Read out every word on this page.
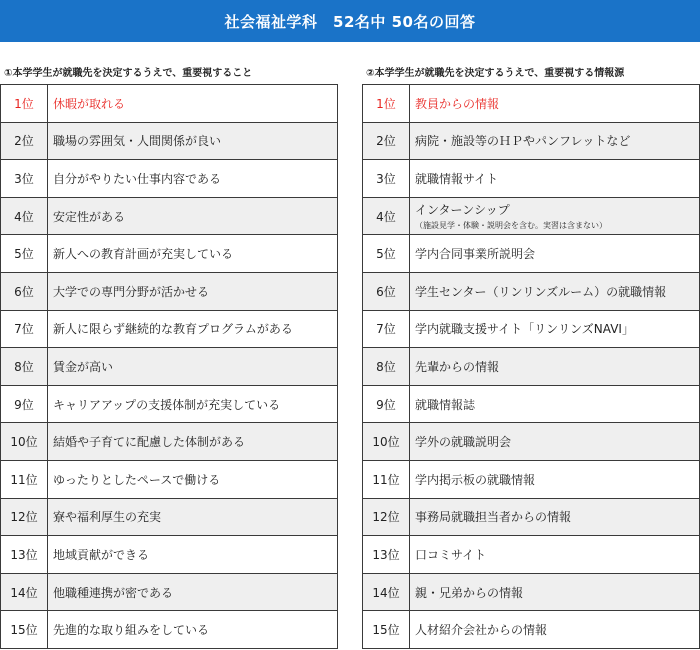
社会福祉学科　52名中 50名の回答
①本学学生が就職先を決定するうえで、重要視すること
1位	休暇が取れる
2位	職場の雰囲気・人間関係が良い
3位	自分がやりたい仕事内容である
4位	安定性がある
5位	新人への教育計画が充実している
6位	大学での専門分野が活かせる
7位	新人に限らず継続的な教育プログラムがある
8位	賃金が高い
9位	キャリアアップの支援体制が充実している
10位	結婚や子育てに配慮した体制がある
11位	ゆったりとしたペースで働ける
12位	寮や福利厚生の充実
13位	地域貢献ができる
14位	他職種連携が密である
15位	先進的な取り組みをしている
②本学学生が就職先を決定するうえで、重要視する情報源
1位	教員からの情報
2位	病院・施設等のＨＰやパンフレットなど
3位	就職情報サイト
4位	インターンシップ
（施設見学・体験・説明会を含む。実習は含まない）

5位	学内合同事業所説明会
6位	学生センター（リンリンズルーム）の就職情報
7位	学内就職支援サイト「リンリンズNAVI」
8位	先輩からの情報
9位	就職情報誌
10位	学外の就職説明会
11位	学内掲示板の就職情報
12位	事務局就職担当者からの情報
13位	口コミサイト
14位	親・兄弟からの情報
15位	人材紹介会社からの情報
